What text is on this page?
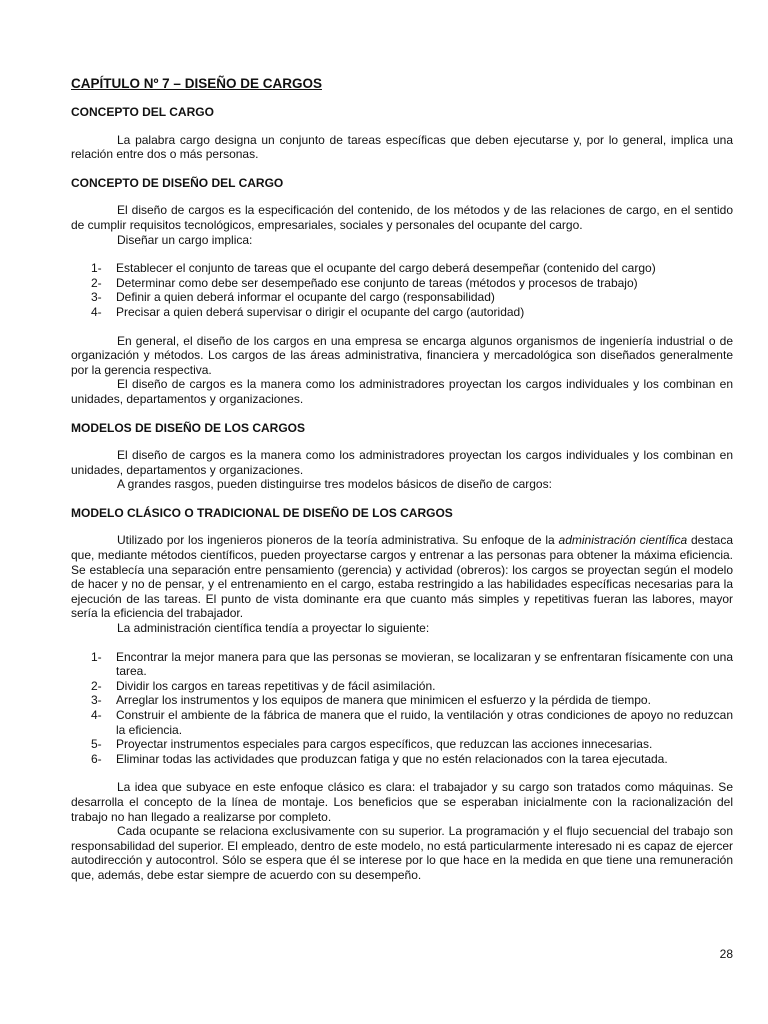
CAPÍTULO Nº 7 – DISEÑO DE CARGOS
CONCEPTO DEL CARGO

La palabra cargo designa un conjunto de tareas específicas que deben ejecutarse y, por lo general, implica una relación entre dos o más personas.

CONCEPTO DE DISEÑO DEL CARGO

El diseño de cargos es la especificación del contenido, de los métodos y de las relaciones de cargo, en el sentido de cumplir requisitos tecnológicos, empresariales, sociales y personales del ocupante del cargo.

Diseñar un cargo implica:

1- Establecer el conjunto de tareas que el ocupante del cargo deberá desempeñar (contenido del cargo)
2- Determinar como debe ser desempeñado ese conjunto de tareas (métodos y procesos de trabajo)
3- Definir a quien deberá informar el ocupante del cargo (responsabilidad)
4- Precisar a quien deberá supervisar o dirigir el ocupante del cargo (autoridad)

En general, el diseño de los cargos en una empresa se encarga algunos organismos de ingeniería industrial o de organización y métodos. Los cargos de las áreas administrativa, financiera y mercadológica son diseñados generalmente por la gerencia respectiva.

El diseño de cargos es la manera como los administradores proyectan los cargos individuales y los combinan en unidades, departamentos y organizaciones.

MODELOS DE DISEÑO DE LOS CARGOS

El diseño de cargos es la manera como los administradores proyectan los cargos individuales y los combinan en unidades, departamentos y organizaciones.

A grandes rasgos, pueden distinguirse tres modelos básicos de diseño de cargos:

MODELO CLÁSICO O TRADICIONAL DE DISEÑO DE LOS CARGOS

Utilizado por los ingenieros pioneros de la teoría administrativa. Su enfoque de la administración científica destaca que, mediante métodos científicos, pueden proyectarse cargos y entrenar a las personas para obtener la máxima eficiencia. Se establecía una separación entre pensamiento (gerencia) y actividad (obreros): los cargos se proyectan según el modelo de hacer y no de pensar, y el entrenamiento en el cargo, estaba restringido a las habilidades específicas necesarias para la ejecución de las tareas. El punto de vista dominante era que cuanto más simples y repetitivas fueran las labores, mayor sería la eficiencia del trabajador.

La administración científica tendía a proyectar lo siguiente:

1- Encontrar la mejor manera para que las personas se movieran, se localizaran y se enfrentaran físicamente con una tarea.
2- Dividir los cargos en tareas repetitivas y de fácil asimilación.
3- Arreglar los instrumentos y los equipos de manera que minimicen el esfuerzo y la pérdida de tiempo.
4- Construir el ambiente de la fábrica de manera que el ruido, la ventilación y otras condiciones de apoyo no reduzcan la eficiencia.
5- Proyectar instrumentos especiales para cargos específicos, que reduzcan las acciones innecesarias.
6- Eliminar todas las actividades que produzcan fatiga y que no estén relacionados con la tarea ejecutada.

La idea que subyace en este enfoque clásico es clara: el trabajador y su cargo son tratados como máquinas. Se desarrolla el concepto de la línea de montaje. Los beneficios que se esperaban inicialmente con la racionalización del trabajo no han llegado a realizarse por completo.

Cada ocupante se relaciona exclusivamente con su superior. La programación y el flujo secuencial del trabajo son responsabilidad del superior. El empleado, dentro de este modelo, no está particularmente interesado ni es capaz de ejercer autodirección y autocontrol. Sólo se espera que él se interese por lo que hace en la medida en que tiene una remuneración que, además, debe estar siempre de acuerdo con su desempeño.

28
